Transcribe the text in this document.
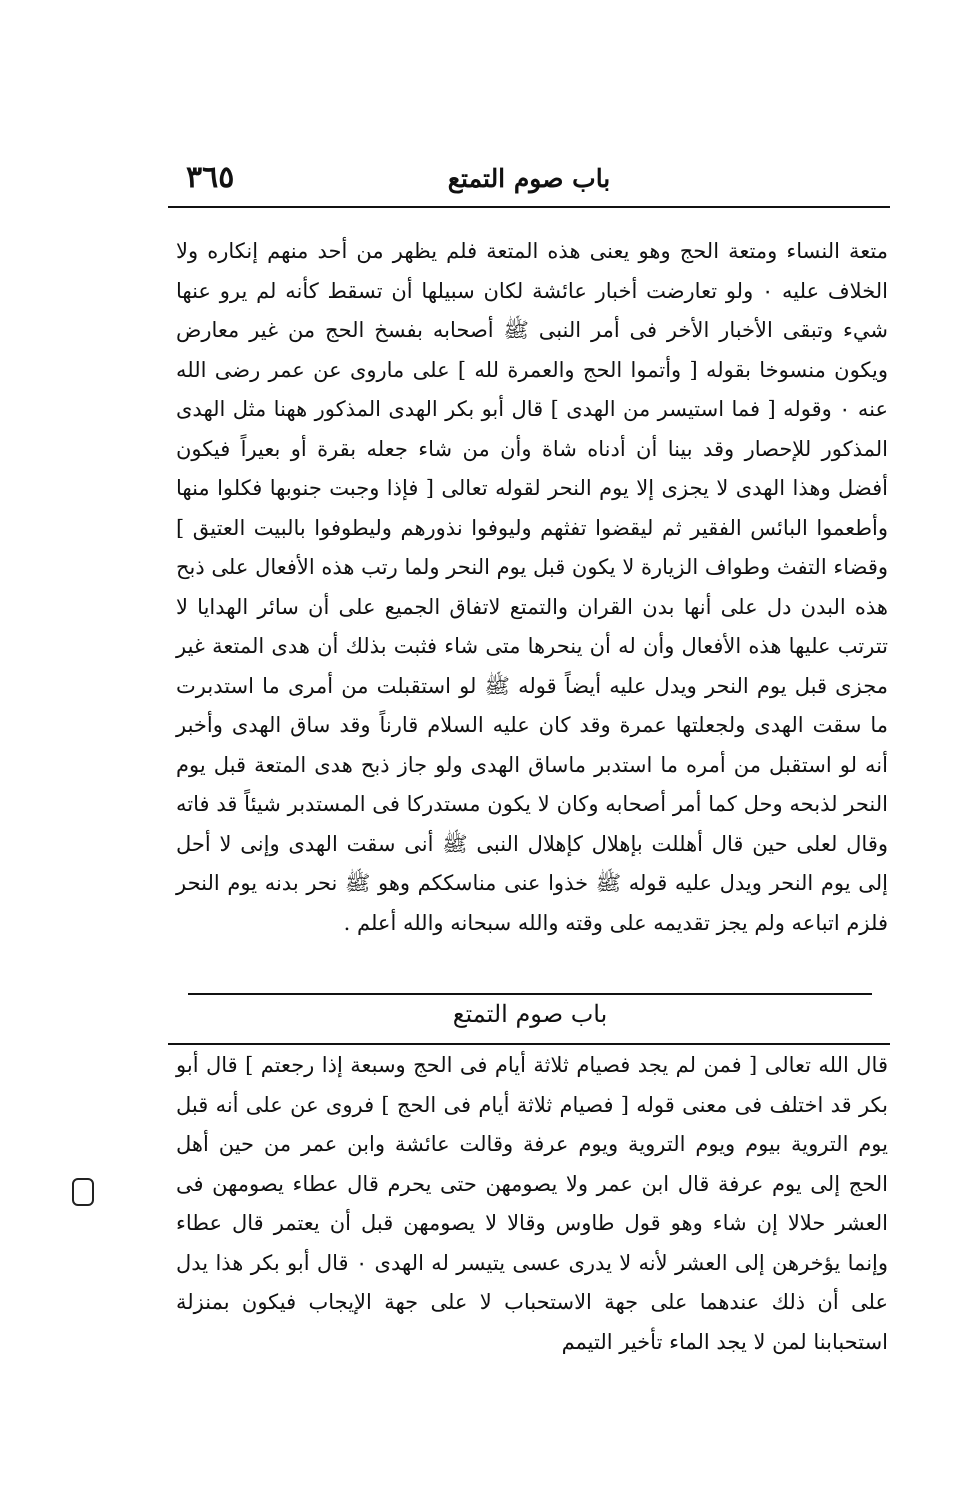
باب صوم التمتع
٣٦٥

متعة النساء ومتعة الحج وهو يعنى هذه المتعة فلم يظهر من أحد منهم إنكاره ولا الخلاف عليه ٠ ولو تعارضت أخبار عائشة لكان سبيلها أن تسقط كأنه لم يرو عنها شيء وتبقى الأخبار الأخر فى أمر النبى ﷺ أصحابه بفسخ الحج من غير معارض ويكون منسوخا بقوله [ وأتموا الحج والعمرة لله ] على ماروى عن عمر رضى الله عنه ٠ وقوله [ فما استيسر من الهدى ] قال أبو بكر الهدى المذكور ههنا مثل الهدى المذكور للإحصار وقد بينا أن أدناه شاة وأن من شاء جعله بقرة أو بعيراً فيكون أفضل وهذا الهدى لا يجزى إلا يوم النحر لقوله تعالى [ فإذا وجبت جنوبها فكلوا منها وأطعموا البائس الفقير ثم ليقضوا تفثهم وليوفوا نذورهم وليطوفوا بالبيت العتيق ] وقضاء التفث وطواف الزيارة لا يكون قبل يوم النحر ولما رتب هذه الأفعال على ذبح هذه البدن دل على أنها بدن القران والتمتع لاتفاق الجميع على أن سائر الهدايا لا تترتب عليها هذه الأفعال وأن له أن ينحرها متى شاء فثبت بذلك أن هدى المتعة غير مجزى قبل يوم النحر ويدل عليه أيضاً قوله ﷺ لو استقبلت من أمرى ما استدبرت ما سقت الهدى ولجعلتها عمرة وقد كان عليه السلام قارناً وقد ساق الهدى وأخبر أنه لو استقبل من أمره ما استدبر ماساق الهدى ولو جاز ذبح هدى المتعة قبل يوم النحر لذبحه وحل كما أمر أصحابه وكان لا يكون مستدركا فى المستدبر شيئاً قد فاته وقال لعلى حين قال أهللت بإهلال كإهلال النبى ﷺ أنى سقت الهدى وإنى لا أحل إلى يوم النحر ويدل عليه قوله ﷺ خذوا عنى مناسككم وهو ﷺ نحر بدنه يوم النحر فلزم اتباعه ولم يجز تقديمه على وقته والله سبحانه والله أعلم .

باب صوم التمتع

قال الله تعالى [ فمن لم يجد فصيام ثلاثة أيام فى الحج وسبعة إذا رجعتم ] قال أبو بكر قد اختلف فى معنى قوله [ فصيام ثلاثة أيام فى الحج ] فروى عن على أنه قبل يوم التروية بيوم ويوم التروية ويوم عرفة وقالت عائشة وابن عمر من حين أهل الحج إلى يوم عرفة قال ابن عمر ولا يصومهن حتى يحرم قال عطاء يصومهن فى العشر حلالا إن شاء وهو قول طاوس وقالا لا يصومهن قبل أن يعتمر قال عطاء وإنما يؤخرهن إلى العشر لأنه لا يدرى عسى يتيسر له الهدى ٠ قال أبو بكر هذا يدل على أن ذلك عندهما على جهة الاستحباب لا على جهة الإيجاب فيكون بمنزلة استحبابنا لمن لا يجد الماء تأخير التيمم
